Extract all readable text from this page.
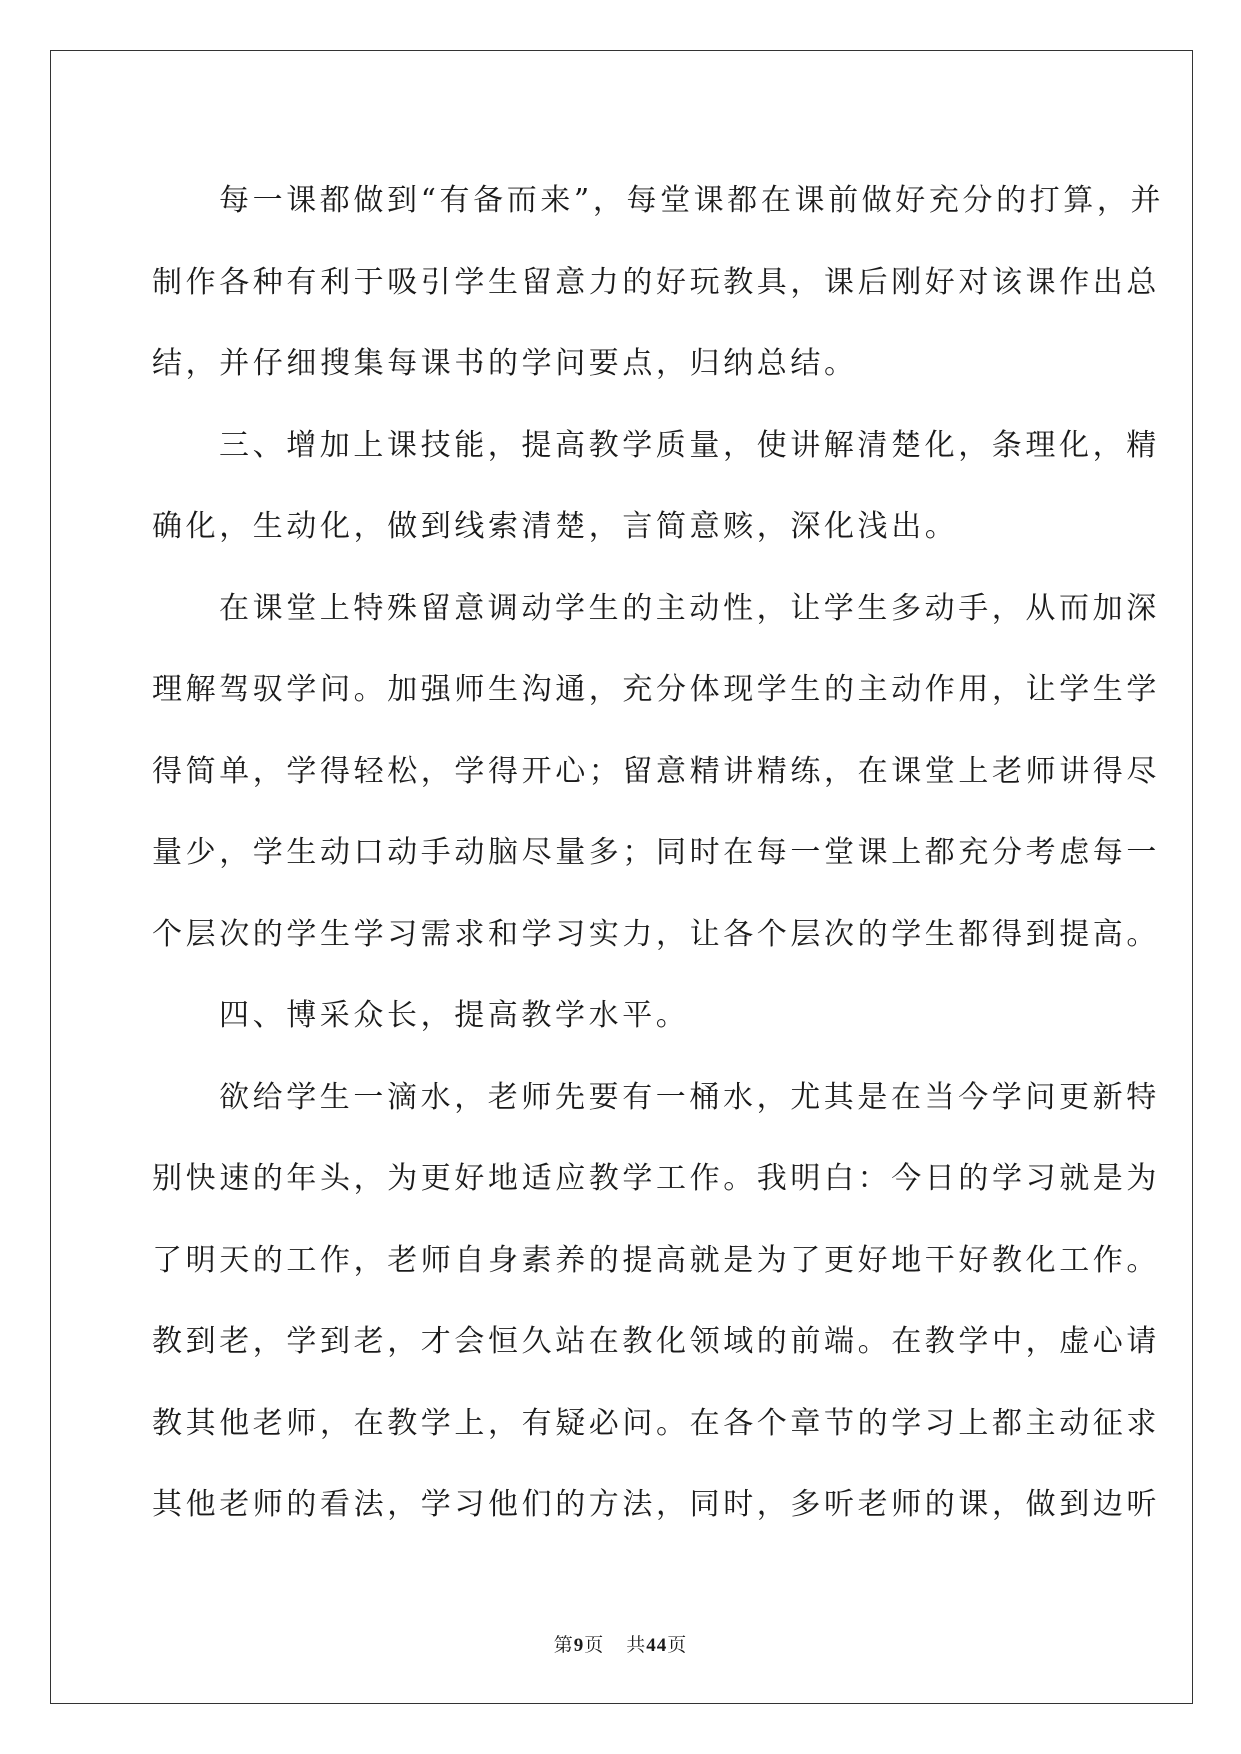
每一课都做到“有备而来”，每堂课都在课前做好充分的打算，并
制作各种有利于吸引学生留意力的好玩教具，课后刚好对该课作出总
结，并仔细搜集每课书的学问要点，归纳总结。
三、增加上课技能，提高教学质量，使讲解清楚化，条理化，精
确化，生动化，做到线索清楚，言简意赅，深化浅出。
在课堂上特殊留意调动学生的主动性，让学生多动手，从而加深
理解驾驭学问。加强师生沟通，充分体现学生的主动作用，让学生学
得简单，学得轻松，学得开心；留意精讲精练，在课堂上老师讲得尽
量少，学生动口动手动脑尽量多；同时在每一堂课上都充分考虑每一
个层次的学生学习需求和学习实力，让各个层次的学生都得到提高。
四、博采众长，提高教学水平。
欲给学生一滴水，老师先要有一桶水，尤其是在当今学问更新特
别快速的年头，为更好地适应教学工作。我明白：今日的学习就是为
了明天的工作，老师自身素养的提高就是为了更好地干好教化工作。
教到老，学到老，才会恒久站在教化领域的前端。在教学中，虚心请
教其他老师，在教学上，有疑必问。在各个章节的学习上都主动征求
其他老师的看法，学习他们的方法，同时，多听老师的课，做到边听
第9页 共44页
